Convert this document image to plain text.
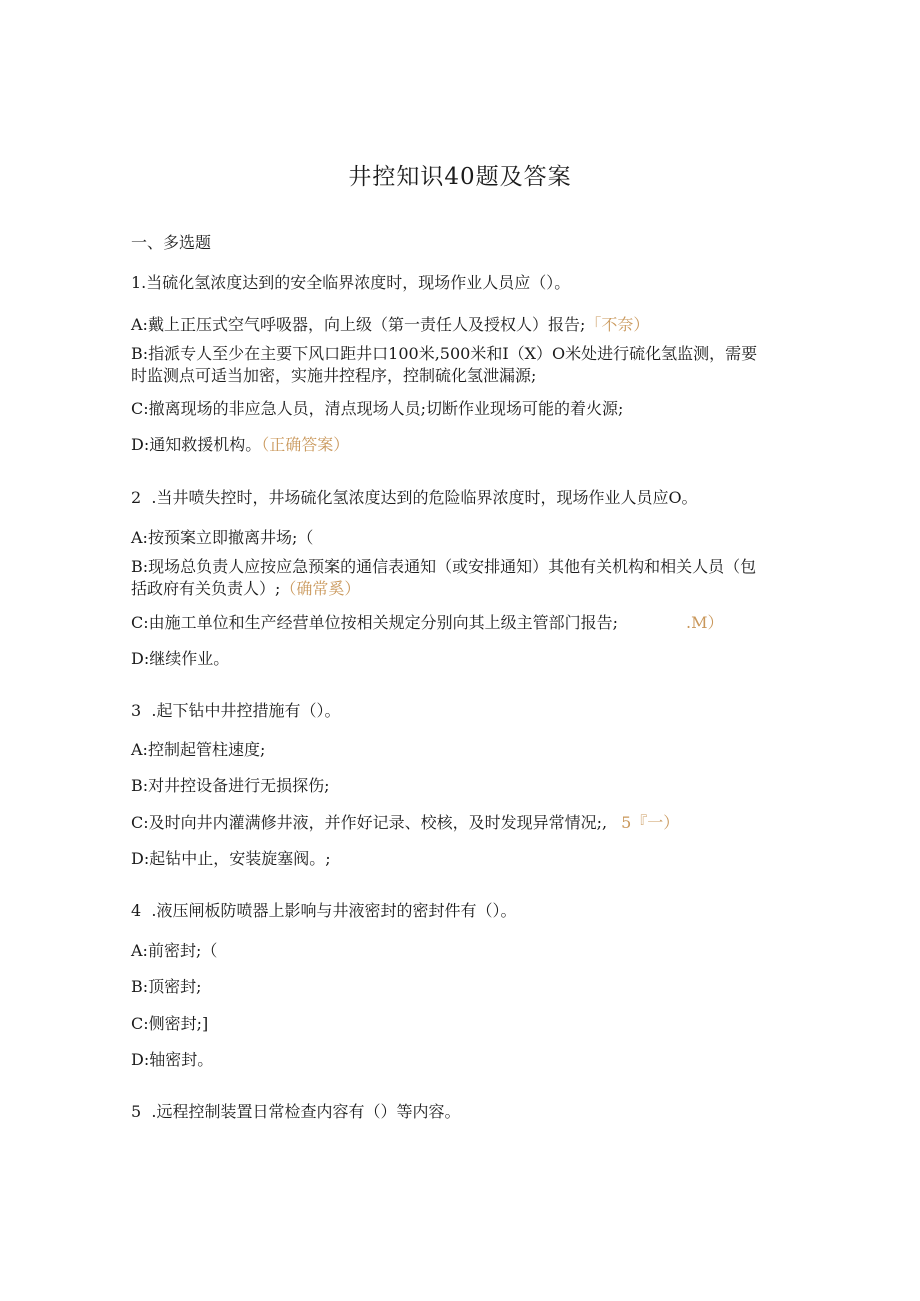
井控知识40题及答案
一、多选题
1.当硫化氢浓度达到的安全临界浓度时，现场作业人员应（）。
A:戴上正压式空气呼吸器，向上级（第一责任人及授权人）报告;「不奈）
B:指派专人至少在主要下风口距井口100米,500米和I（X）O米处进行硫化氢监测，需要时监测点可适当加密，实施井控程序，控制硫化氢泄漏源;
C:撤离现场的非应急人员，清点现场人员;切断作业现场可能的着火源;
D:通知救援机构。（正确答案）
2  .当井喷失控时，井场硫化氢浓度达到的危险临界浓度时，现场作业人员应O。
A:按预案立即撤离井场;（
B:现场总负责人应按应急预案的通信表通知（或安排通知）其他有关机构和相关人员（包括政府有关负责人）;（确常奚）
C:由施工单位和生产经营单位按相关规定分别向其上级主管部门报告;	.M）
D:继续作业。
3  .起下钻中井控措施有（）。
A:控制起管柱速度;
B:对井控设备进行无损探伤;
C:及时向井内灌满修井液，并作好记录、校核，及时发现异常情况;, 5『一）
D:起钻中止，安装旋塞阀。;
4  .液压闸板防喷器上影响与井液密封的密封件有（）。
A:前密封;（
B:顶密封;
C:侧密封;]
D:轴密封。
5  .远程控制装置日常检查内容有（）等内容。
